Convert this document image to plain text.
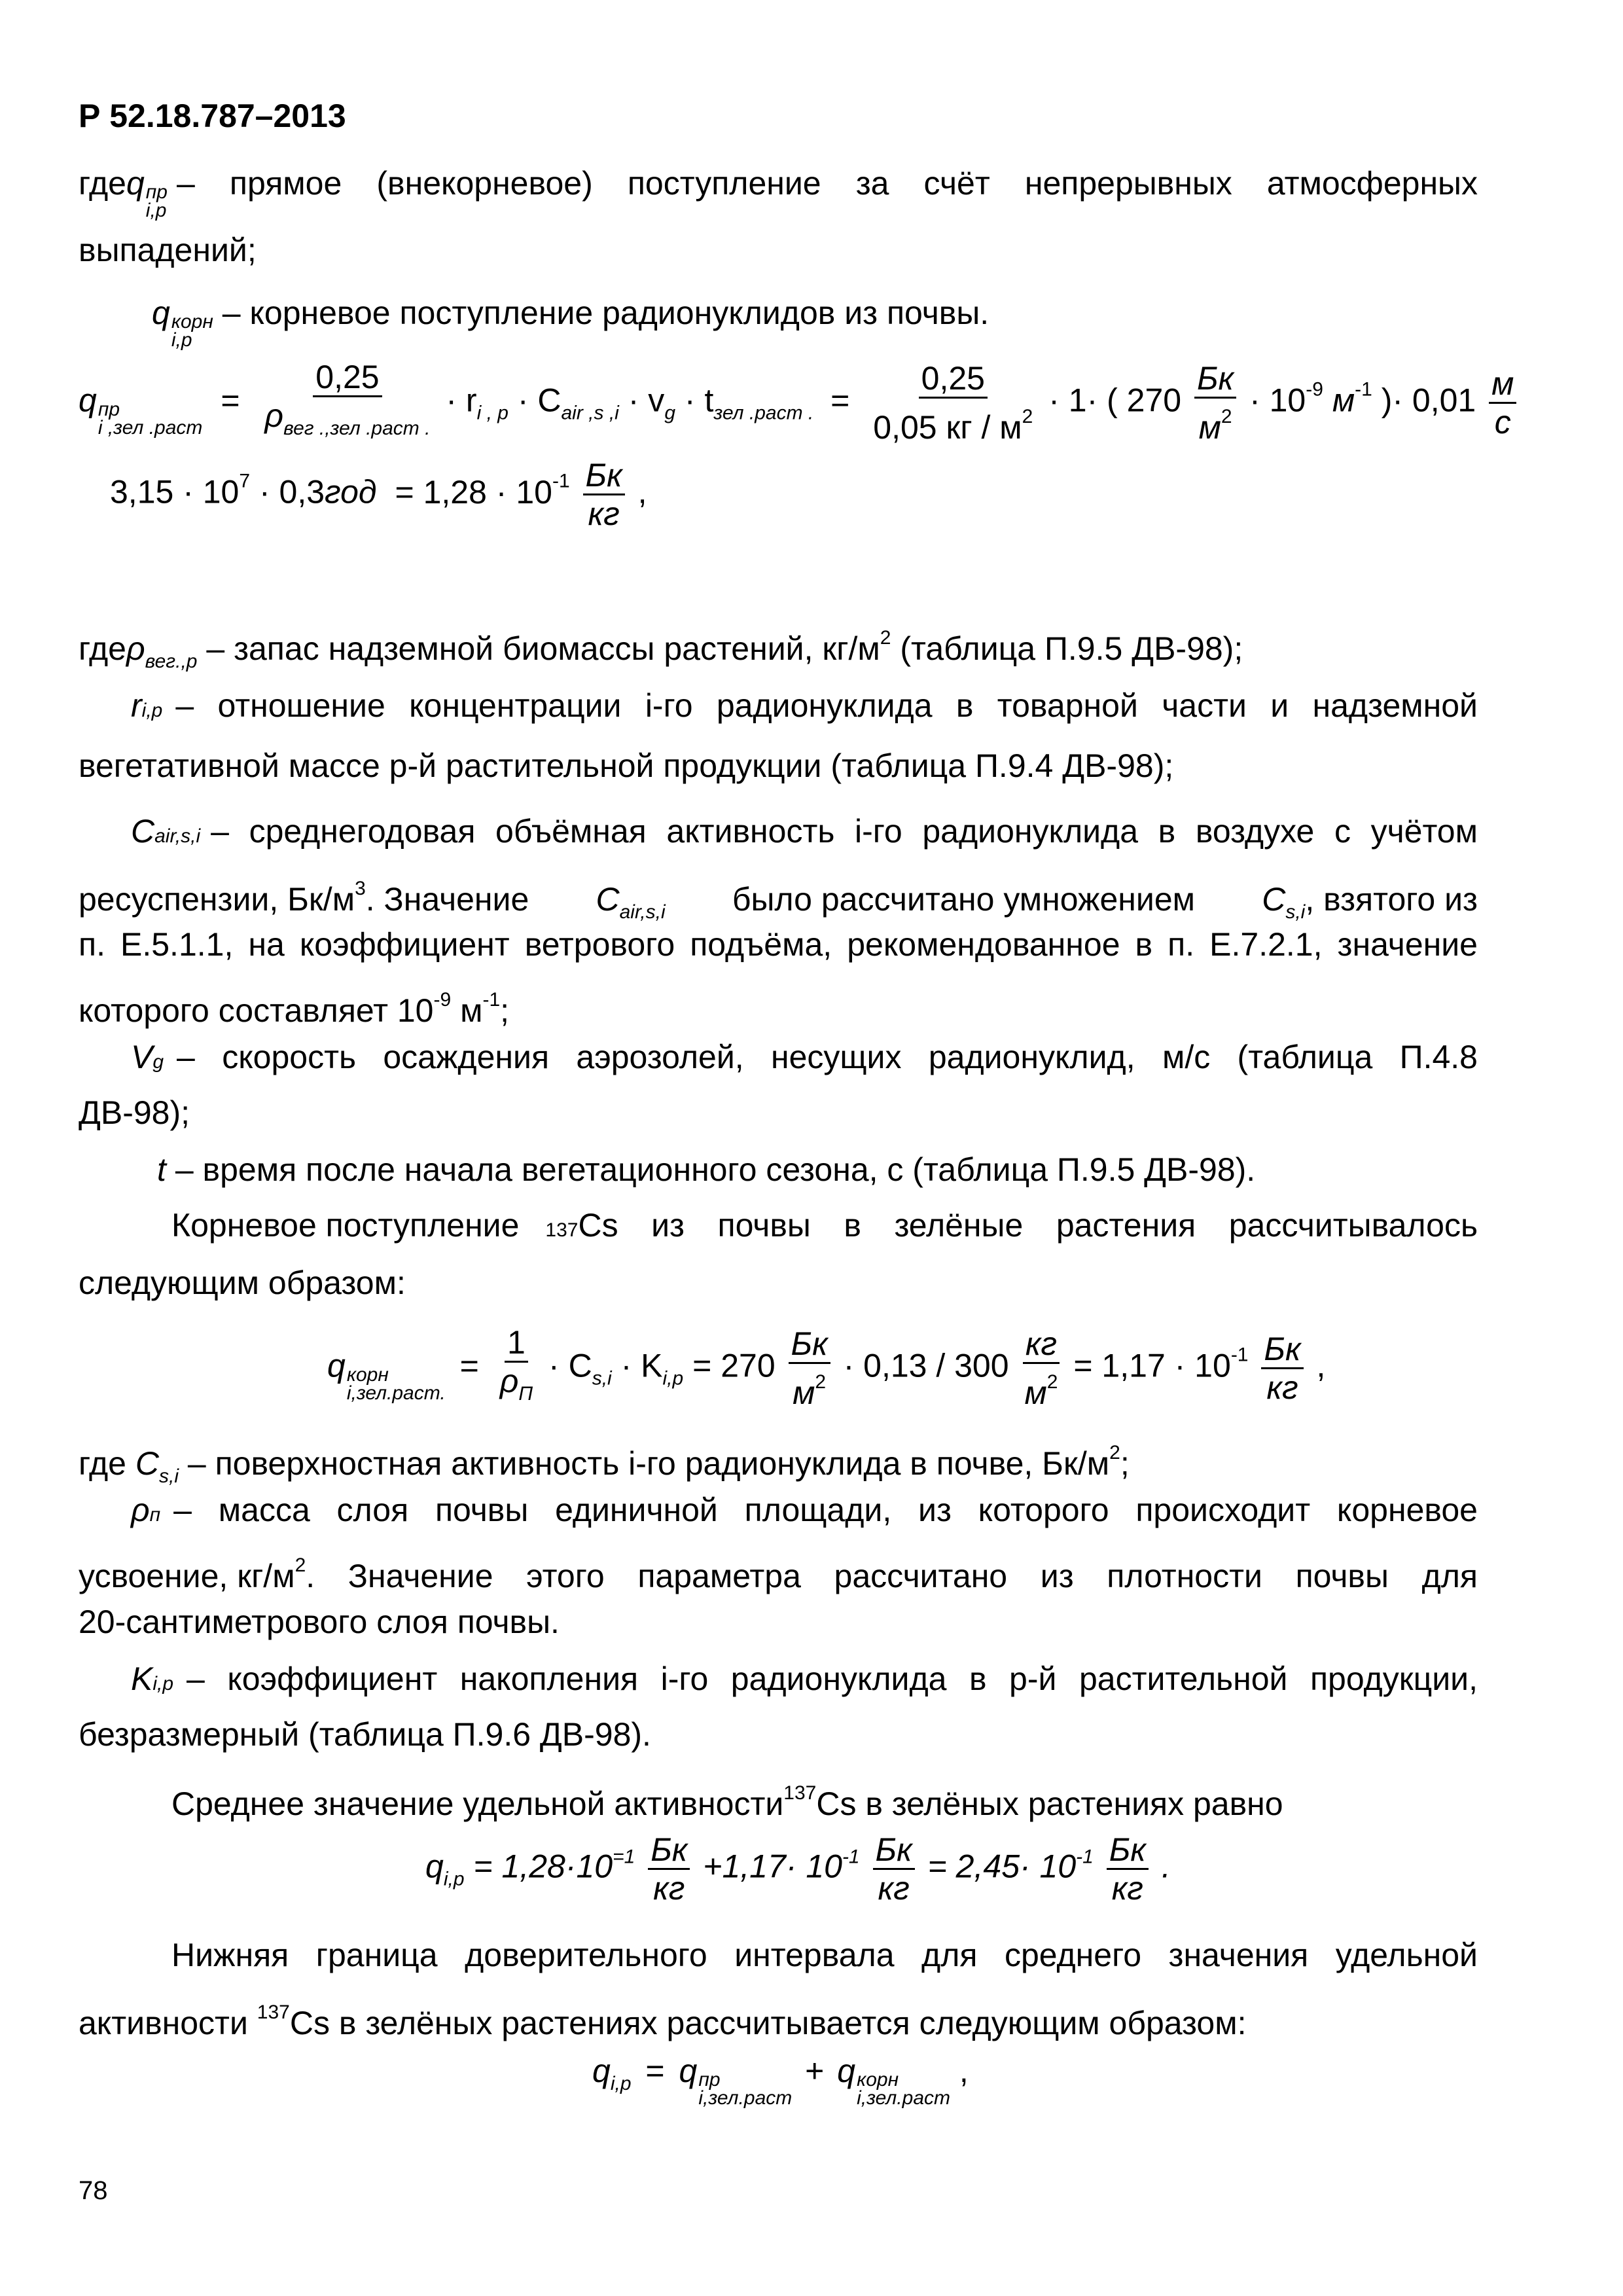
Р 52.18.787–2013
где q пр
i,p
– прямое (внекорневое) поступление за счёт непрерывных атмосферных
выпадений;
q корн
i,p
– корневое поступление радионуклидов из почвы.
q пр
i ,зел .раст
= $\frac{0,25}{\rho_{вег .,зел .раст .}} \cdot r_{i , p} \cdot C_{air ,s ,i} \cdot v_g \cdot t_{зел .раст .} = \frac{0,25}{0,05 кг / м^2} \cdot 1\cdot$ ( $270 \frac{Бк}{м^2} \cdot 10^{-9}$ $м^{-1}$ )· $0,01 \frac{м}{с}$
$3,15 \cdot 10^7 \cdot 0,3год = 1,28 \cdot 10^{-1} \frac{Бк}{кг}$ ,
гдеρ$_{вег.,p}$ – запас надземной биомассы растений, $кг/м^2$ (таблица П.9.5 ДВ-98);
r i,p – отношение концентрации i-го радионуклида в товарной части и надземной
вегетативной массе p-й растительной продукции (таблица П.9.4 ДВ-98);
C air,s,i – среднегодовая объёмная активность i-го радионуклида в воздухе с учётом
ресуспензии, $Бк/м^3$. Значение $C_{air,s,i}$ было рассчитано умножением $C_{s,i}$, взятого из
п. Е.5.1.1, на коэффициент ветрового подъёма, рекомендованное в п. Е.7.2.1, значение
которого составляет $10^{-9}$ $м^{-1}$;
V g – скорость осаждения аэрозолей, несущих радионуклид, м/с (таблица П.4.8
ДВ-98);
t – время после начала вегетационного сезона, с (таблица П.9.5 ДВ-98).
Корневое поступление 137 Cs из почвы в зелёные растения рассчитывалось
следующим образом:
q корн
i,зел.раст.
= $\frac{1}{\rho_П} \cdot C_{s,i} \cdot K_{i,p} = 270 \frac{Бк}{м^2} \cdot 0,13 / 300 \frac{кг}{м^2} = 1,17 \cdot 10^{-1} \frac{Бк}{кг}$ ,
где $C_{s,i}$ – поверхностная активность i-го радионуклида в почве, $Бк/м^2$;
ρ п – масса слоя почвы единичной площади, из которого происходит корневое
усвоение, $кг/м^2$ . Значение этого параметра рассчитано из плотности почвы для
20-сантиметрового слоя почвы.
K i,p – коэффициент накопления i-го радионуклида в p-й растительной продукции,
безразмерный (таблица П.9.6 ДВ-98).
Среднее значение удельной активности$^{137}$Cs в зелёных растениях равно
$q_{i,p} = 1,28\cdot 10^{=1} \frac{Бк}{кг} +1,17\cdot 10^{-1} \frac{Бк}{кг} = 2,45\cdot 10^{-1} \frac{Бк}{кг}$ .
Нижняя граница доверительного интервала для среднего значения удельной
активности $^{137}$Cs в зелёных растениях рассчитывается следующим образом:
$q_{i,p} = q$ пр
i,зел.раст
+ q корн
i,зел.раст
,
78
